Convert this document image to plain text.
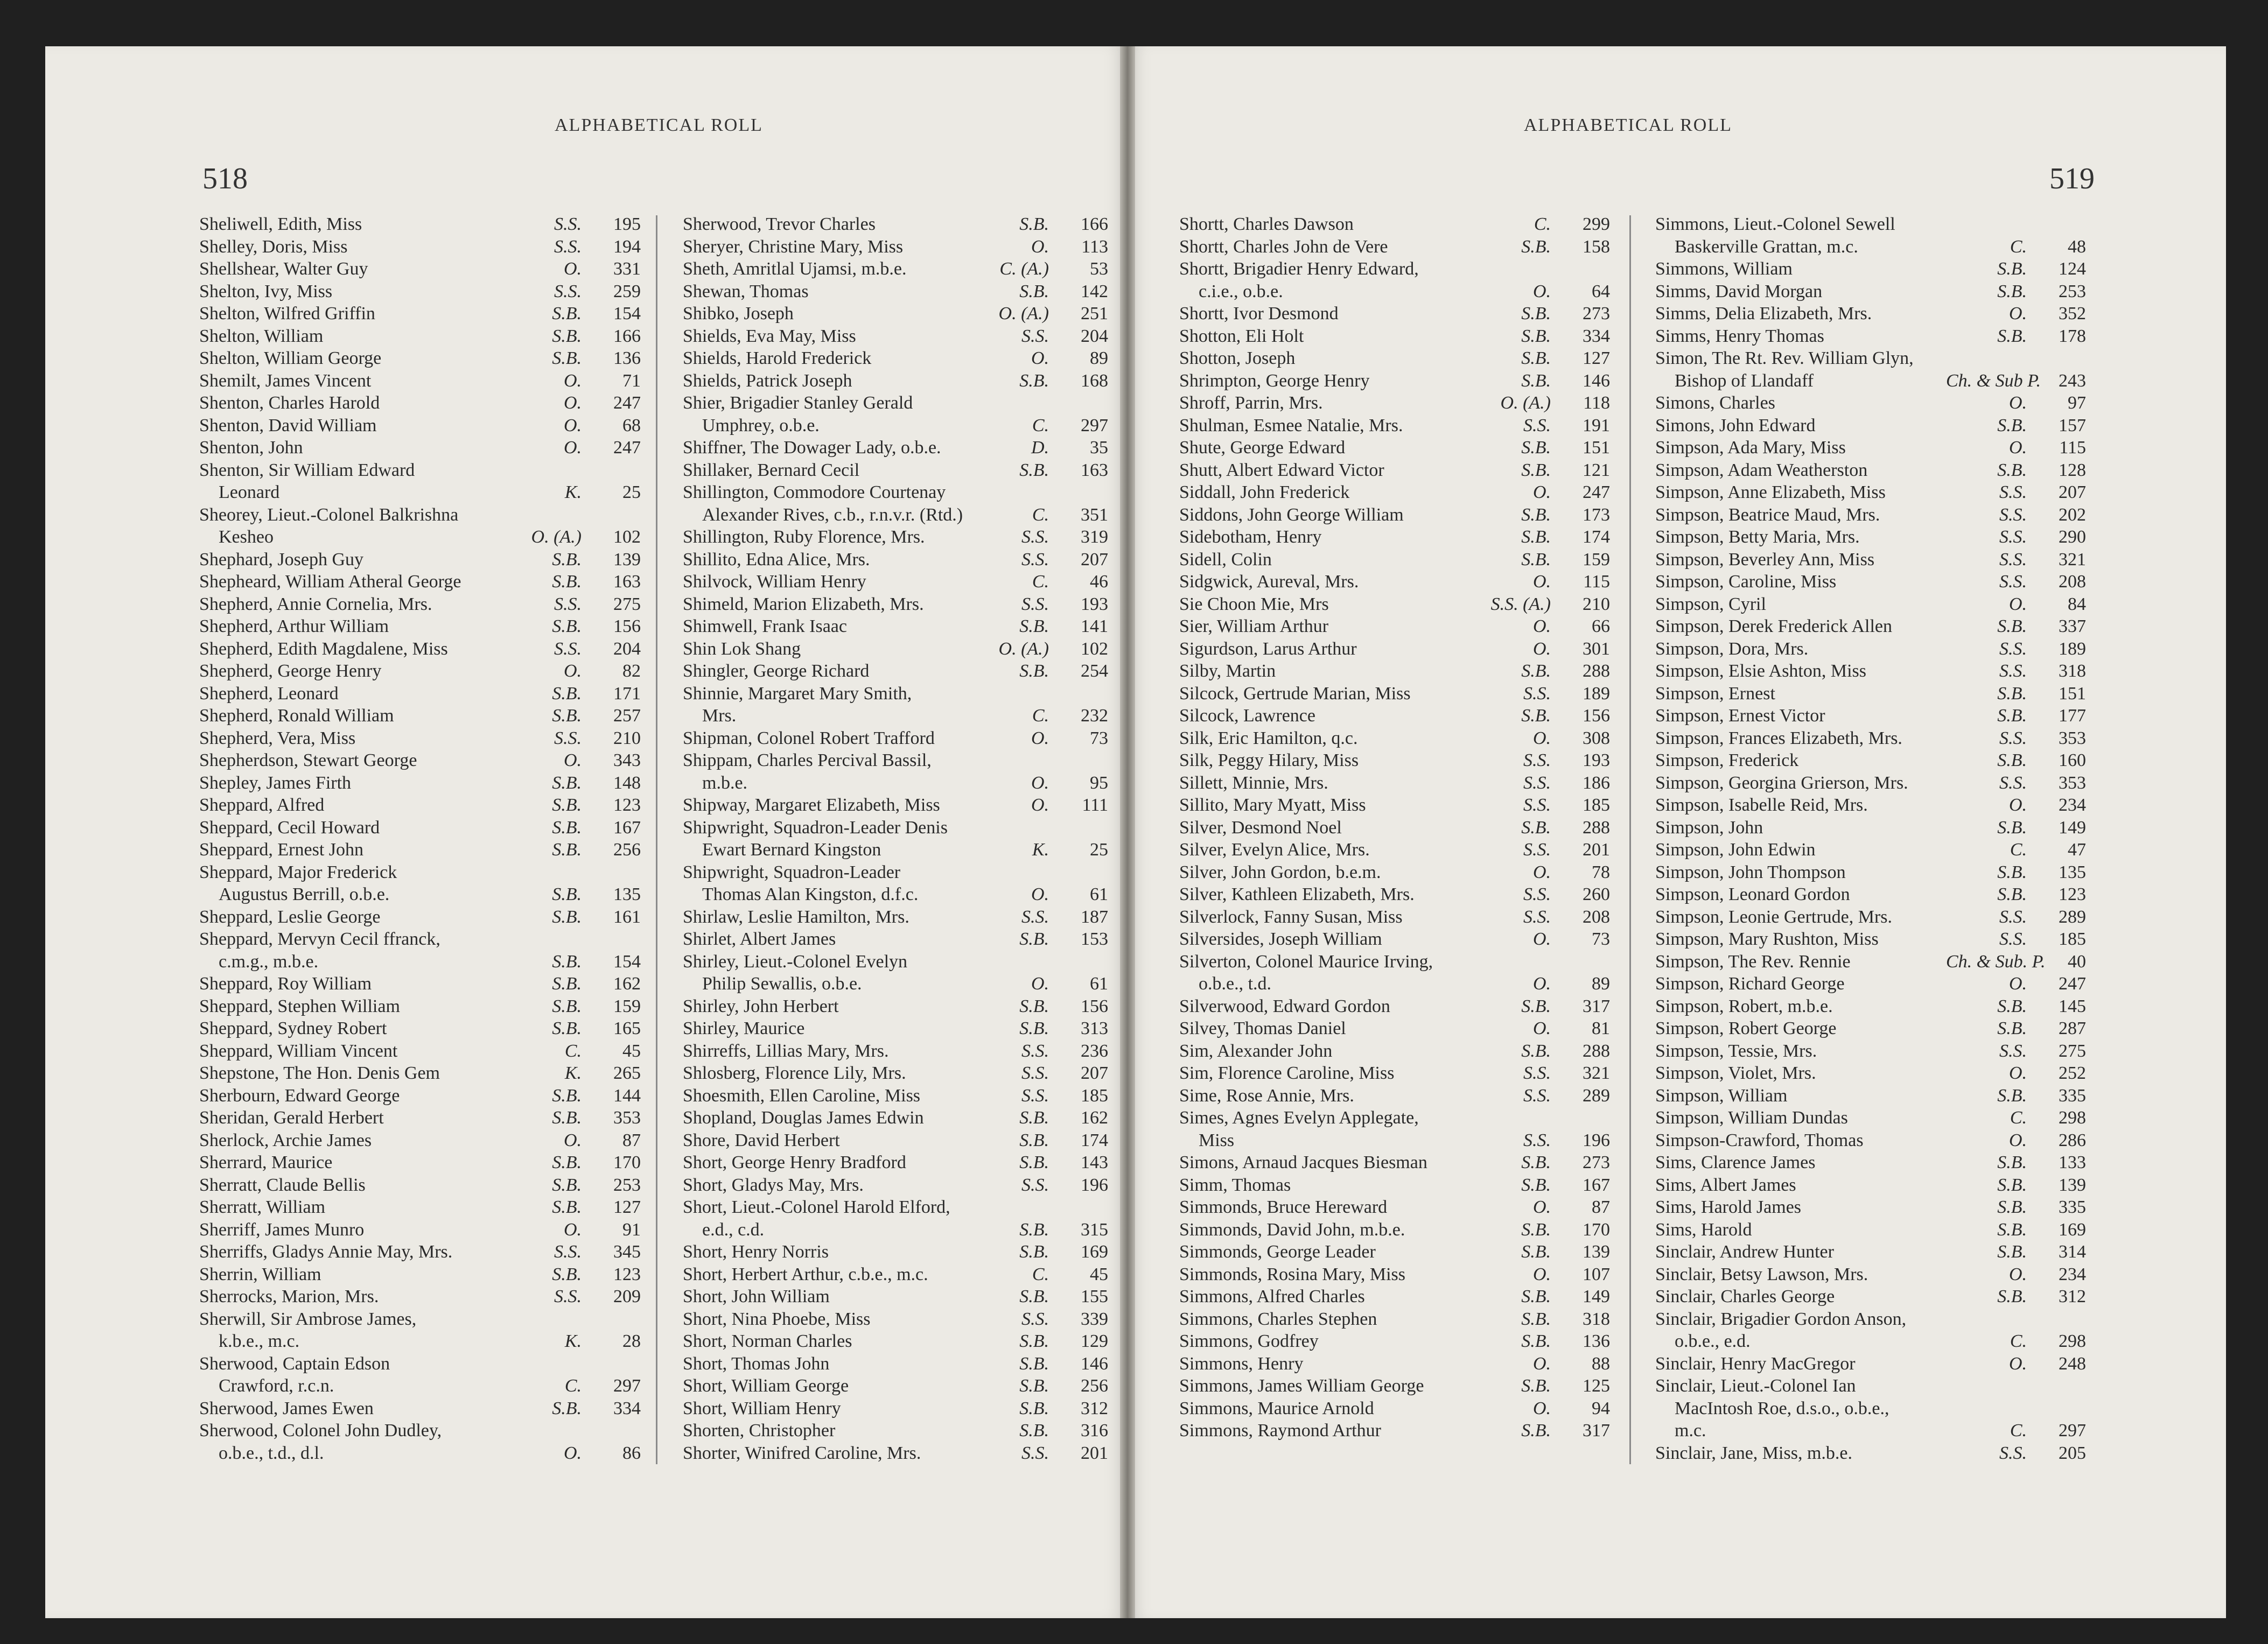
518
ALPHABETICAL ROLL
519
ALPHABETICAL ROLL
Sheliwell, Edith, Miss	S.S.	195
Shelley, Doris, Miss	S.S.	194
Shellshear, Walter Guy	O.	331
Shelton, Ivy, Miss	S.S.	259
Shelton, Wilfred Griffin	S.B.	154
Shelton, William	S.B.	166
Shelton, William George	S.B.	136
Shemilt, James Vincent	O.	71
Shenton, Charles Harold	O.	247
Shenton, David William	O.	68
Shenton, John	O.	247
Shenton, Sir William Edward
Leonard	K.	25
Sheorey, Lieut.-Colonel Balkrishna
Kesheo	O. (A.)	102
Shephard, Joseph Guy	S.B.	139
Shepheard, William Atheral George	S.B.	163
Shepherd, Annie Cornelia, Mrs.	S.S.	275
Shepherd, Arthur William	S.B.	156
Shepherd, Edith Magdalene, Miss	S.S.	204
Shepherd, George Henry	O.	82
Shepherd, Leonard	S.B.	171
Shepherd, Ronald William	S.B.	257
Shepherd, Vera, Miss	S.S.	210
Shepherdson, Stewart George	O.	343
Shepley, James Firth	S.B.	148
Sheppard, Alfred	S.B.	123
Sheppard, Cecil Howard	S.B.	167
Sheppard, Ernest John	S.B.	256
Sheppard, Major Frederick
Augustus Berrill, o.b.e.	S.B.	135
Sheppard, Leslie George	S.B.	161
Sheppard, Mervyn Cecil ffranck,
c.m.g., m.b.e.	S.B.	154
Sheppard, Roy William	S.B.	162
Sheppard, Stephen William	S.B.	159
Sheppard, Sydney Robert	S.B.	165
Sheppard, William Vincent	C.	45
Shepstone, The Hon. Denis Gem	K.	265
Sherbourn, Edward George	S.B.	144
Sheridan, Gerald Herbert	S.B.	353
Sherlock, Archie James	O.	87
Sherrard, Maurice	S.B.	170
Sherratt, Claude Bellis	S.B.	253
Sherratt, William	S.B.	127
Sherriff, James Munro	O.	91
Sherriffs, Gladys Annie May, Mrs.	S.S.	345
Sherrin, William	S.B.	123
Sherrocks, Marion, Mrs.	S.S.	209
Sherwill, Sir Ambrose James,
k.b.e., m.c.	K.	28
Sherwood, Captain Edson
Crawford, r.c.n.	C.	297
Sherwood, James Ewen	S.B.	334
Sherwood, Colonel John Dudley,
o.b.e., t.d., d.l.	O.	86
Sherwood, Trevor Charles	S.B.	166
Sheryer, Christine Mary, Miss	O.	113
Sheth, Amritlal Ujamsi, m.b.e.	C. (A.)	53
Shewan, Thomas	S.B.	142
Shibko, Joseph	O. (A.)	251
Shields, Eva May, Miss	S.S.	204
Shields, Harold Frederick	O.	89
Shields, Patrick Joseph	S.B.	168
Shier, Brigadier Stanley Gerald
Umphrey, o.b.e.	C.	297
Shiffner, The Dowager Lady, o.b.e.	D.	35
Shillaker, Bernard Cecil	S.B.	163
Shillington, Commodore Courtenay
Alexander Rives, c.b., r.n.v.r. (Rtd.)	C.	351
Shillington, Ruby Florence, Mrs.	S.S.	319
Shillito, Edna Alice, Mrs.	S.S.	207
Shilvock, William Henry	C.	46
Shimeld, Marion Elizabeth, Mrs.	S.S.	193
Shimwell, Frank Isaac	S.B.	141
Shin Lok Shang	O. (A.)	102
Shingler, George Richard	S.B.	254
Shinnie, Margaret Mary Smith,
Mrs.	C.	232
Shipman, Colonel Robert Trafford	O.	73
Shippam, Charles Percival Bassil,
m.b.e.	O.	95
Shipway, Margaret Elizabeth, Miss	O.	111
Shipwright, Squadron-Leader Denis
Ewart Bernard Kingston	K.	25
Shipwright, Squadron-Leader
Thomas Alan Kingston, d.f.c.	O.	61
Shirlaw, Leslie Hamilton, Mrs.	S.S.	187
Shirlet, Albert James	S.B.	153
Shirley, Lieut.-Colonel Evelyn
Philip Sewallis, o.b.e.	O.	61
Shirley, John Herbert	S.B.	156
Shirley, Maurice	S.B.	313
Shirreffs, Lillias Mary, Mrs.	S.S.	236
Shlosberg, Florence Lily, Mrs.	S.S.	207
Shoesmith, Ellen Caroline, Miss	S.S.	185
Shopland, Douglas James Edwin	S.B.	162
Shore, David Herbert	S.B.	174
Short, George Henry Bradford	S.B.	143
Short, Gladys May, Mrs.	S.S.	196
Short, Lieut.-Colonel Harold Elford,
e.d., c.d.	S.B.	315
Short, Henry Norris	S.B.	169
Short, Herbert Arthur, c.b.e., m.c.	C.	45
Short, John William	S.B.	155
Short, Nina Phoebe, Miss	S.S.	339
Short, Norman Charles	S.B.	129
Short, Thomas John	S.B.	146
Short, William George	S.B.	256
Short, William Henry	S.B.	312
Shorten, Christopher	S.B.	316
Shorter, Winifred Caroline, Mrs.	S.S.	201
Shortt, Charles Dawson	C.	299
Shortt, Charles John de Vere	S.B.	158
Shortt, Brigadier Henry Edward,
c.i.e., o.b.e.	O.	64
Shortt, Ivor Desmond	S.B.	273
Shotton, Eli Holt	S.B.	334
Shotton, Joseph	S.B.	127
Shrimpton, George Henry	S.B.	146
Shroff, Parrin, Mrs.	O. (A.)	118
Shulman, Esmee Natalie, Mrs.	S.S.	191
Shute, George Edward	S.B.	151
Shutt, Albert Edward Victor	S.B.	121
Siddall, John Frederick	O.	247
Siddons, John George William	S.B.	173
Sidebotham, Henry	S.B.	174
Sidell, Colin	S.B.	159
Sidgwick, Aureval, Mrs.	O.	115
Sie Choon Mie, Mrs	S.S. (A.)	210
Sier, William Arthur	O.	66
Sigurdson, Larus Arthur	O.	301
Silby, Martin	S.B.	288
Silcock, Gertrude Marian, Miss	S.S.	189
Silcock, Lawrence	S.B.	156
Silk, Eric Hamilton, q.c.	O.	308
Silk, Peggy Hilary, Miss	S.S.	193
Sillett, Minnie, Mrs.	S.S.	186
Sillito, Mary Myatt, Miss	S.S.	185
Silver, Desmond Noel	S.B.	288
Silver, Evelyn Alice, Mrs.	S.S.	201
Silver, John Gordon, b.e.m.	O.	78
Silver, Kathleen Elizabeth, Mrs.	S.S.	260
Silverlock, Fanny Susan, Miss	S.S.	208
Silversides, Joseph William	O.	73
Silverton, Colonel Maurice Irving,
o.b.e., t.d.	O.	89
Silverwood, Edward Gordon	S.B.	317
Silvey, Thomas Daniel	O.	81
Sim, Alexander John	S.B.	288
Sim, Florence Caroline, Miss	S.S.	321
Sime, Rose Annie, Mrs.	S.S.	289
Simes, Agnes Evelyn Applegate,
Miss	S.S.	196
Simons, Arnaud Jacques Biesman	S.B.	273
Simm, Thomas	S.B.	167
Simmonds, Bruce Hereward	O.	87
Simmonds, David John, m.b.e.	S.B.	170
Simmonds, George Leader	S.B.	139
Simmonds, Rosina Mary, Miss	O.	107
Simmons, Alfred Charles	S.B.	149
Simmons, Charles Stephen	S.B.	318
Simmons, Godfrey	S.B.	136
Simmons, Henry	O.	88
Simmons, James William George	S.B.	125
Simmons, Maurice Arnold	O.	94
Simmons, Raymond Arthur	S.B.	317
Simmons, Lieut.-Colonel Sewell
Baskerville Grattan, m.c.	C.	48
Simmons, William	S.B.	124
Simms, David Morgan	S.B.	253
Simms, Delia Elizabeth, Mrs.	O.	352
Simms, Henry Thomas	S.B.	178
Simon, The Rt. Rev. William Glyn,
Bishop of Llandaff	Ch. & Sub P. 243
Simons, Charles	O.	97
Simons, John Edward	S.B.	157
Simpson, Ada Mary, Miss	O.	115
Simpson, Adam Weatherston	S.B.	128
Simpson, Anne Elizabeth, Miss	S.S.	207
Simpson, Beatrice Maud, Mrs.	S.S.	202
Simpson, Betty Maria, Mrs.	S.S.	290
Simpson, Beverley Ann, Miss	S.S.	321
Simpson, Caroline, Miss	S.S.	208
Simpson, Cyril	O.	84
Simpson, Derek Frederick Allen	S.B.	337
Simpson, Dora, Mrs.	S.S.	189
Simpson, Elsie Ashton, Miss	S.S.	318
Simpson, Ernest	S.B.	151
Simpson, Ernest Victor	S.B.	177
Simpson, Frances Elizabeth, Mrs.	S.S.	353
Simpson, Frederick	S.B.	160
Simpson, Georgina Grierson, Mrs.	S.S.	353
Simpson, Isabelle Reid, Mrs.	O.	234
Simpson, John	S.B.	149
Simpson, John Edwin	C.	47
Simpson, John Thompson	S.B.	135
Simpson, Leonard Gordon	S.B.	123
Simpson, Leonie Gertrude, Mrs.	S.S.	289
Simpson, Mary Rushton, Miss	S.S.	185
Simpson, The Rev. Rennie	Ch. & Sub. P.	40
Simpson, Richard George	O.	247
Simpson, Robert, m.b.e.	S.B.	145
Simpson, Robert George	S.B.	287
Simpson, Tessie, Mrs.	S.S.	275
Simpson, Violet, Mrs.	O.	252
Simpson, William	S.B.	335
Simpson, William Dundas	C.	298
Simpson-Crawford, Thomas	O.	286
Sims, Clarence James	S.B.	133
Sims, Albert James	S.B.	139
Sims, Harold James	S.B.	335
Sims, Harold	S.B.	169
Sinclair, Andrew Hunter	S.B.	314
Sinclair, Betsy Lawson, Mrs.	O.	234
Sinclair, Charles George	S.B.	312
Sinclair, Brigadier Gordon Anson,
o.b.e., e.d.	C.	298
Sinclair, Henry MacGregor	O.	248
Sinclair, Lieut.-Colonel Ian
MacIntosh Roe, d.s.o., o.b.e.,
m.c.	C.	297
Sinclair, Jane, Miss, m.b.e.	S.S.	205
